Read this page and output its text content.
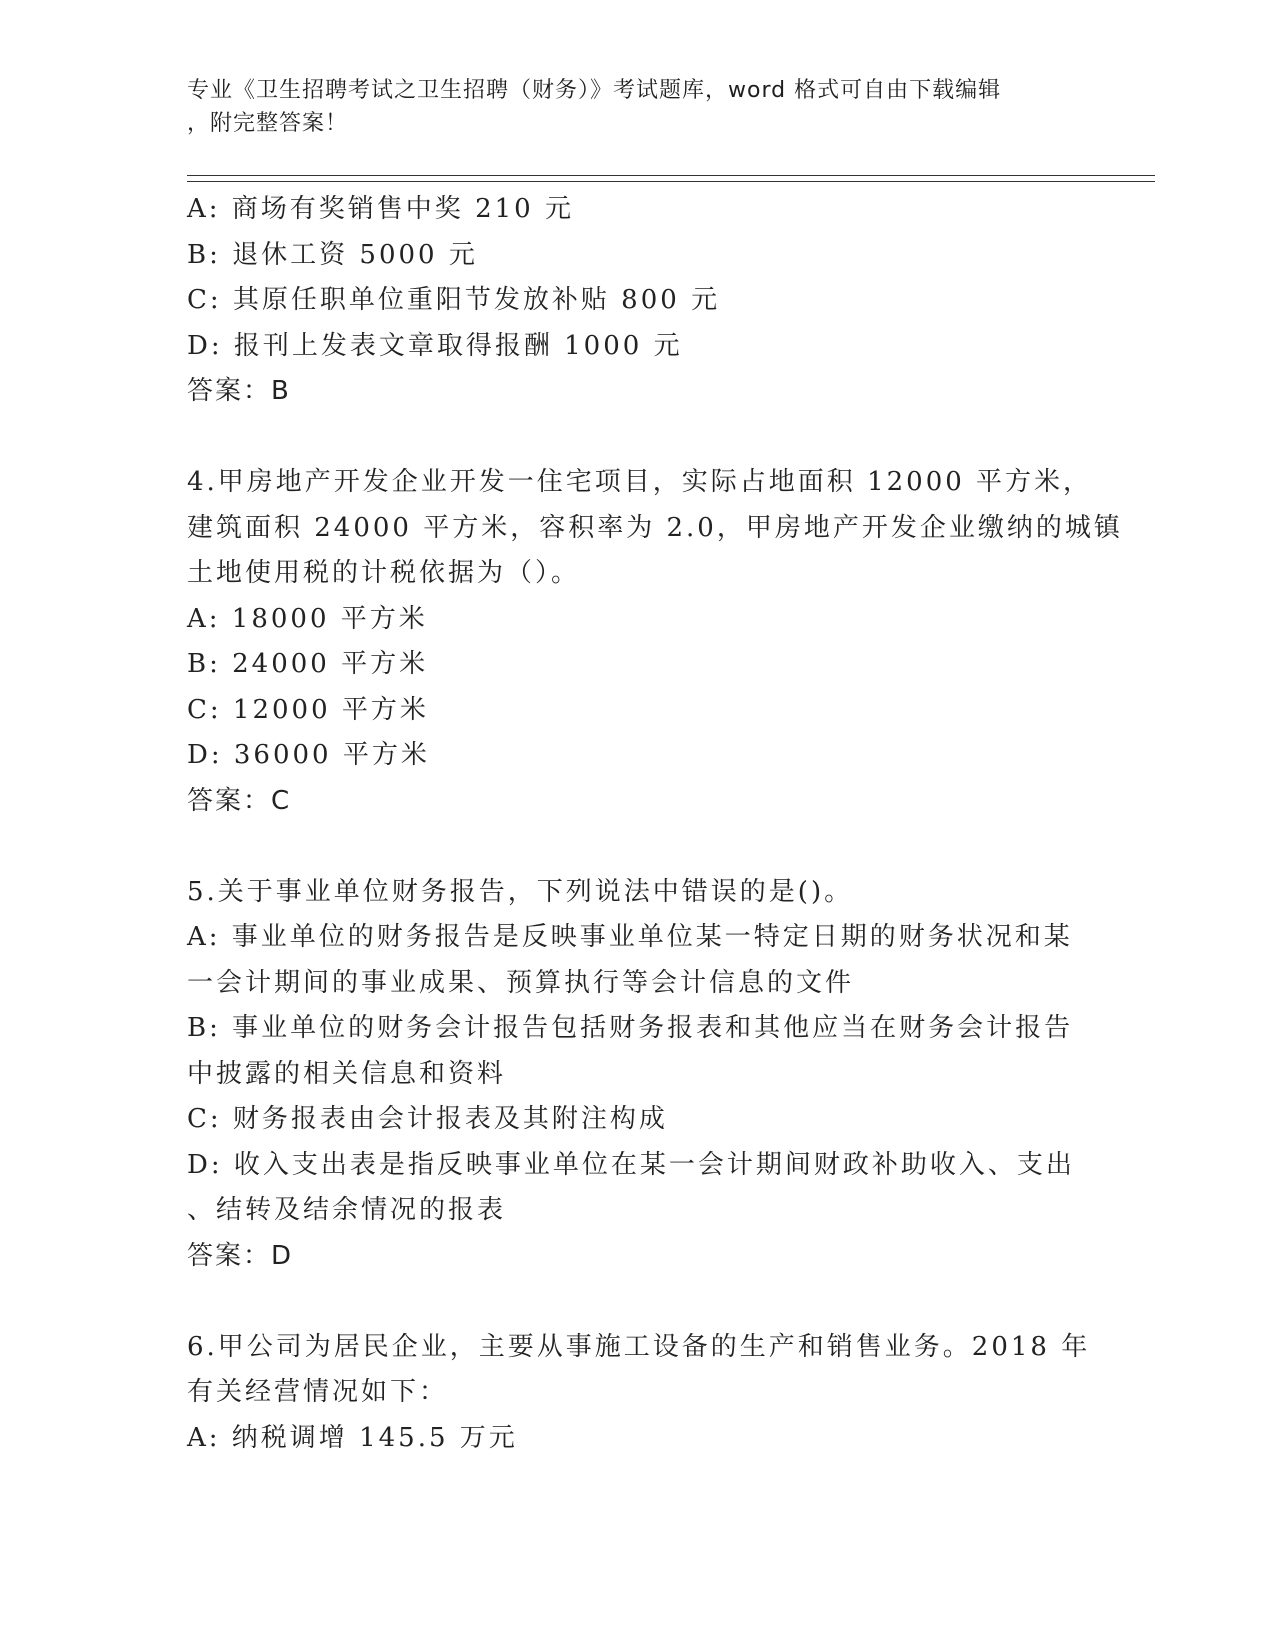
专业《卫生招聘考试之卫生招聘（财务）》考试题库，word 格式可自由下载编辑
，附完整答案！
A: 商场有奖销售中奖 210 元
B: 退休工资 5000 元
C: 其原任职单位重阳节发放补贴 800 元
D: 报刊上发表文章取得报酬 1000 元
答案：B
4.甲房地产开发企业开发一住宅项目，实际占地面积 12000 平方米，
建筑面积 24000 平方米，容积率为 2.0，甲房地产开发企业缴纳的城镇
土地使用税的计税依据为（）。
A: 18000 平方米
B: 24000 平方米
C: 12000 平方米
D: 36000 平方米
答案：C
5.关于事业单位财务报告，下列说法中错误的是()。
A: 事业单位的财务报告是反映事业单位某一特定日期的财务状况和某
一会计期间的事业成果、预算执行等会计信息的文件
B: 事业单位的财务会计报告包括财务报表和其他应当在财务会计报告
中披露的相关信息和资料
C: 财务报表由会计报表及其附注构成
D: 收入支出表是指反映事业单位在某一会计期间财政补助收入、支出
、结转及结余情况的报表
答案：D
6.甲公司为居民企业，主要从事施工设备的生产和销售业务。2018 年
有关经营情况如下：
A: 纳税调增 145.5 万元
